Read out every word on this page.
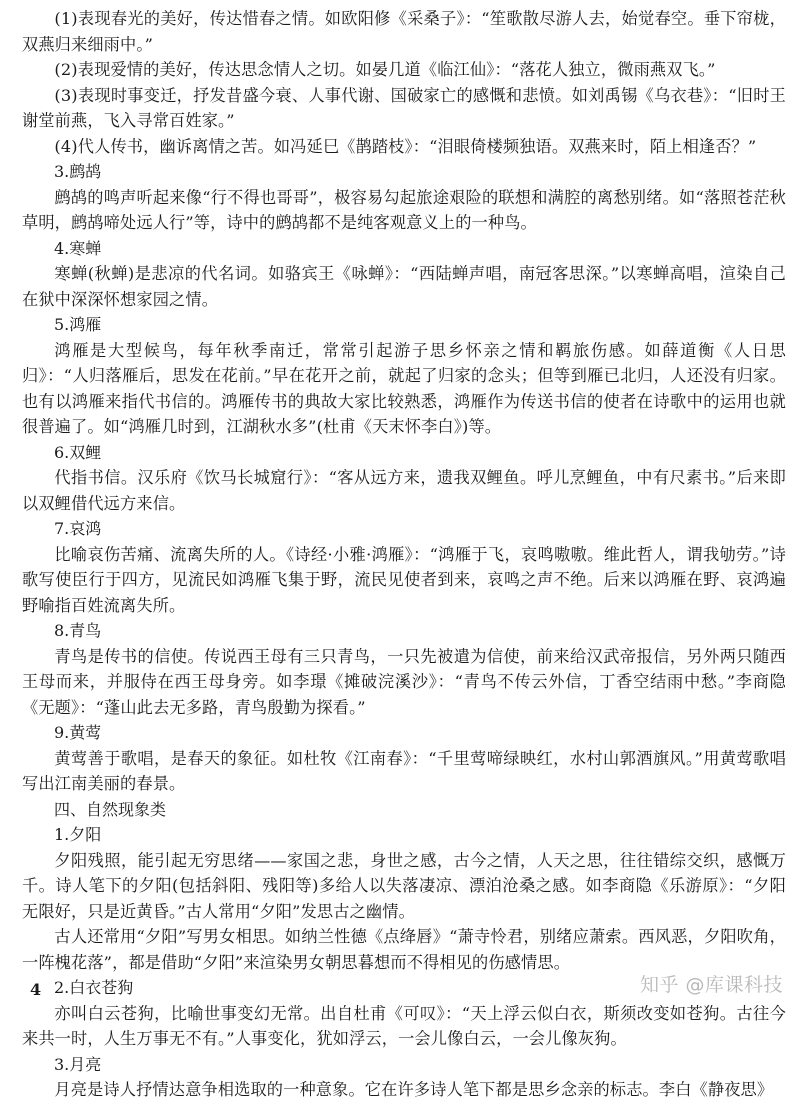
(1)表现春光的美好，传达惜春之情。如欧阳修《采桑子》：“笙歌散尽游人去，始觉春空。垂下帘栊，双燕归来细雨中。”

(2)表现爱情的美好，传达思念情人之切。如晏几道《临江仙》：“落花人独立，微雨燕双飞。”

(3)表现时事变迁，抒发昔盛今衰、人事代谢、国破家亡的感慨和悲愤。如刘禹锡《乌衣巷》：“旧时王谢堂前燕，飞入寻常百姓家。”

(4)代人传书，幽诉离情之苦。如冯延巳《鹊踏枝》：“泪眼倚楼频独语。双燕来时，陌上相逢否？”

3.鹧鸪

鹧鸪的鸣声听起来像“行不得也哥哥”，极容易勾起旅途艰险的联想和满腔的离愁别绪。如“落照苍茫秋草明，鹧鸪啼处远人行”等，诗中的鹧鸪都不是纯客观意义上的一种鸟。

4.寒蝉

寒蝉(秋蝉)是悲凉的代名词。如骆宾王《咏蝉》：“西陆蝉声唱，南冠客思深。”以寒蝉高唱，渲染自己在狱中深深怀想家园之情。

5.鸿雁

鸿雁是大型候鸟，每年秋季南迁，常常引起游子思乡怀亲之情和羁旅伤感。如薛道衡《人日思归》：“人归落雁后，思发在花前。”早在花开之前，就起了归家的念头；但等到雁已北归，人还没有归家。也有以鸿雁来指代书信的。鸿雁传书的典故大家比较熟悉，鸿雁作为传送书信的使者在诗歌中的运用也就很普遍了。如“鸿雁几时到，江湖秋水多”(杜甫《天末怀李白》)等。

6.双鲤

代指书信。汉乐府《饮马长城窟行》：“客从远方来，遗我双鲤鱼。呼儿烹鲤鱼，中有尺素书。”后来即以双鲤借代远方来信。

7.哀鸿

比喻哀伤苦痛、流离失所的人。《诗经·小雅·鸿雁》：“鸿雁于飞，哀鸣嗷嗷。维此哲人，谓我劬劳。”诗歌写使臣行于四方，见流民如鸿雁飞集于野，流民见使者到来，哀鸣之声不绝。后来以鸿雁在野、哀鸿遍野喻指百姓流离失所。

8.青鸟

青鸟是传书的信使。传说西王母有三只青鸟，一只先被遣为信使，前来给汉武帝报信，另外两只随西王母而来，并服侍在西王母身旁。如李璟《摊破浣溪沙》：“青鸟不传云外信，丁香空结雨中愁。”李商隐《无题》：“蓬山此去无多路，青鸟殷勤为探看。”

9.黄莺

黄莺善于歌唱，是春天的象征。如杜牧《江南春》：“千里莺啼绿映红，水村山郭酒旗风。”用黄莺歌唱写出江南美丽的春景。

四、自然现象类

1.夕阳

夕阳残照，能引起无穷思绪——家国之悲，身世之感，古今之情，人天之思，往往错综交织，感慨万千。诗人笔下的夕阳(包括斜阳、残阳等)多给人以失落凄凉、漂泊沧桑之感。如李商隐《乐游原》：“夕阳无限好，只是近黄昏。”古人常用“夕阳”发思古之幽情。

古人还常用“夕阳”写男女相思。如纳兰性德《点绛唇》“萧寺怜君，别绪应萧索。西风恶，夕阳吹角，一阵槐花落”，都是借助“夕阳”来渲染男女朝思暮想而不得相见的伤感情思。

2.白衣苍狗

亦叫白云苍狗，比喻世事变幻无常。出自杜甫《可叹》：“天上浮云似白衣，斯须改变如苍狗。古往今来共一时，人生万事无不有。”人事变化，犹如浮云，一会儿像白云，一会儿像灰狗。

3.月亮

月亮是诗人抒情达意争相选取的一种意象。它在许多诗人笔下都是思乡念亲的标志。李白《静夜思》

4	知乎 @库课科技
